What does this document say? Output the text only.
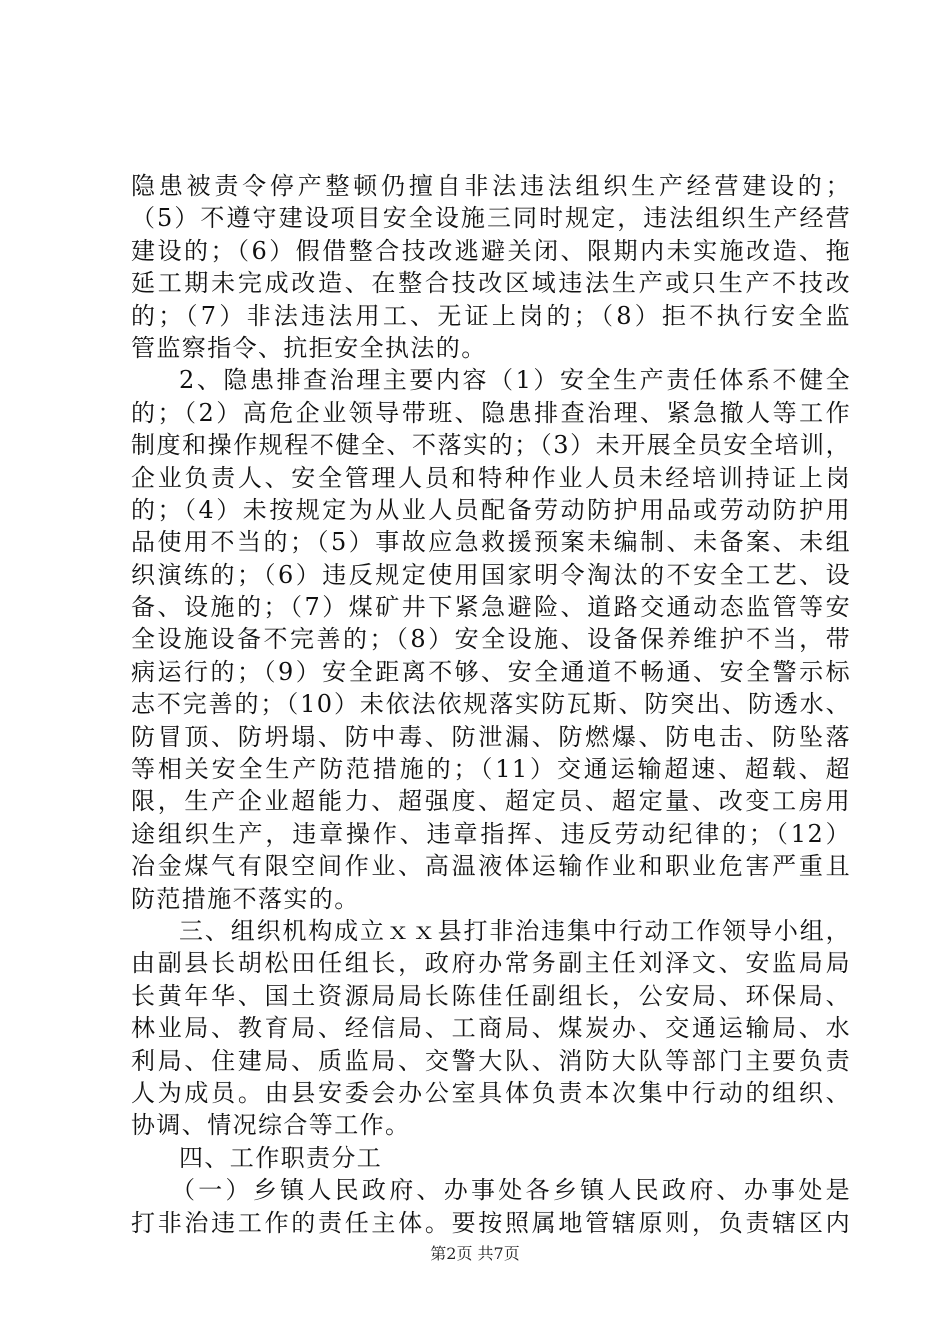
隐患被责令停产整顿仍擅自非法违法组织生产经营建设的；
（5）不遵守建设项目安全设施三同时规定，违法组织生产经营
建设的；（6）假借整合技改逃避关闭、限期内未实施改造、拖
延工期未完成改造、在整合技改区域违法生产或只生产不技改
的；（7）非法违法用工、无证上岗的；（8）拒不执行安全监
管监察指令、抗拒安全执法的。
2、隐患排查治理主要内容（1）安全生产责任体系不健全
的；（2）高危企业领导带班、隐患排查治理、紧急撤人等工作
制度和操作规程不健全、不落实的；（3）未开展全员安全培训，
企业负责人、安全管理人员和特种作业人员未经培训持证上岗
的；（4）未按规定为从业人员配备劳动防护用品或劳动防护用
品使用不当的；（5）事故应急救援预案未编制、未备案、未组
织演练的；（6）违反规定使用国家明令淘汰的不安全工艺、设
备、设施的；（7）煤矿井下紧急避险、道路交通动态监管等安
全设施设备不完善的；（8）安全设施、设备保养维护不当，带
病运行的；（9）安全距离不够、安全通道不畅通、安全警示标
志不完善的；（10）未依法依规落实防瓦斯、防突出、防透水、
防冒顶、防坍塌、防中毒、防泄漏、防燃爆、防电击、防坠落
等相关安全生产防范措施的；（11）交通运输超速、超载、超
限，生产企业超能力、超强度、超定员、超定量、改变工房用
途组织生产，违章操作、违章指挥、违反劳动纪律的；（12）
冶金煤气有限空间作业、高温液体运输作业和职业危害严重且
防范措施不落实的。
三、组织机构成立ｘｘ县打非治违集中行动工作领导小组，
由副县长胡松田任组长，政府办常务副主任刘泽文、安监局局
长黄年华、国土资源局局长陈佳任副组长，公安局、环保局、
林业局、教育局、经信局、工商局、煤炭办、交通运输局、水
利局、住建局、质监局、交警大队、消防大队等部门主要负责
人为成员。由县安委会办公室具体负责本次集中行动的组织、
协调、情况综合等工作。
四、工作职责分工
（一）乡镇人民政府、办事处各乡镇人民政府、办事处是
打非治违工作的责任主体。要按照属地管辖原则，负责辖区内
第2页 共7页
